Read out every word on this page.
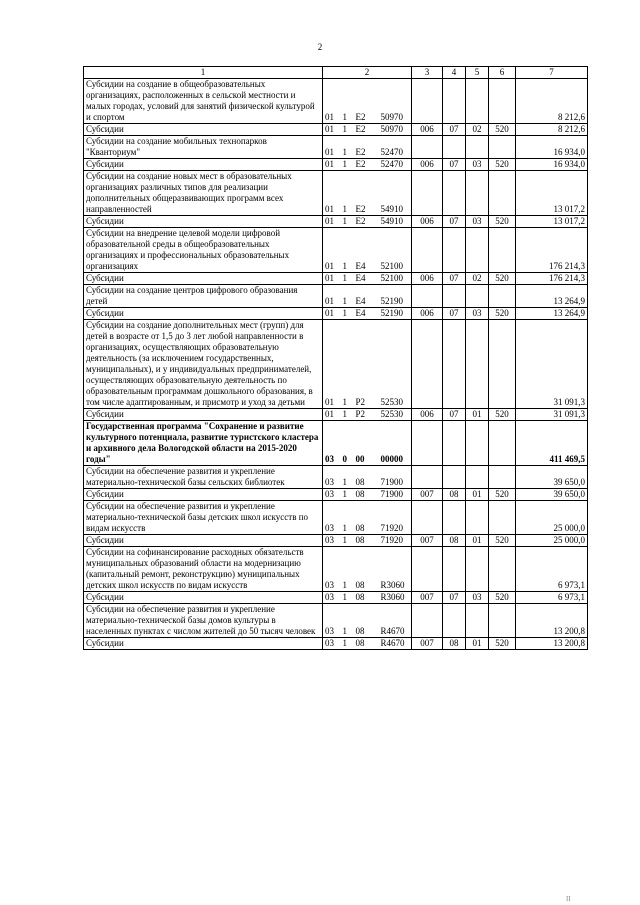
2
1	2				3	4	5	6	7
Субсидии на создание в общеобразовательных организациях, расположенных в сельской местности и малых городах, условий для занятий физической культурой и спортом	01	1	E2	50970					8 212,6
Субсидии	01	1	E2	50970	006	07	02	520	8 212,6
Субсидии на создание мобильных технопарков "Кванториум"	01	1	E2	52470					16 934,0
Субсидии	01	1	E2	52470	006	07	03	520	16 934,0
Субсидии на создание новых мест в образовательных организациях различных типов для реализации дополнительных общеразвивающих программ всех направленностей	01	1	E2	54910					13 017,2
Субсидии	01	1	E2	54910	006	07	03	520	13 017,2
Субсидии на внедрение целевой модели цифровой образовательной среды в общеобразовательных организациях и профессиональных образовательных организациях	01	1	E4	52100					176 214,3
Субсидии	01	1	E4	52100	006	07	02	520	176 214,3
Субсидии на создание центров цифрового образования детей	01	1	E4	52190					13 264,9
Субсидии	01	1	E4	52190	006	07	03	520	13 264,9
Субсидии на создание дополнительных мест (групп) для детей в возрасте от 1,5 до 3 лет любой направленности в организациях, осуществляющих образовательную деятельность (за исключением государственных, муниципальных), и у индивидуальных предпринимателей, осуществляющих образовательную деятельность по образовательным программам дошкольного образования, в том числе адаптированным, и присмотр и уход за детьми	01	1	P2	52530					31 091,3
Субсидии	01	1	P2	52530	006	07	01	520	31 091,3
Государственная программа "Сохранение и развитие культурного потенциала, развитие туристского кластера и архивного дела Вологодской области на 2015-2020 годы"	03	0	00	00000					411 469,5
Субсидии на обеспечение развития и укрепление материально-технической базы сельских библиотек	03	1	08	71900					39 650,0
Субсидии	03	1	08	71900	007	08	01	520	39 650,0
Субсидии на обеспечение развития и укрепление материально-технической базы детских школ искусств по видам искусств	03	1	08	71920					25 000,0
Субсидии	03	1	08	71920	007	08	01	520	25 000,0
Субсидии на софинансирование расходных обязательств муниципальных образований области на модернизацию (капитальный ремонт, реконструкцию) муниципальных детских школ искусств по видам искусств	03	1	08	R3060					6 973,1
Субсидии	03	1	08	R3060	007	07	03	520	6 973,1
Субсидии на обеспечение развития и укрепление материально-технической базы домов культуры в населенных пунктах с числом жителей до 50 тысяч человек	03	1	08	R4670					13 200,8
Субсидии	03	1	08	R4670	007	08	01	520	13 200,8
II
